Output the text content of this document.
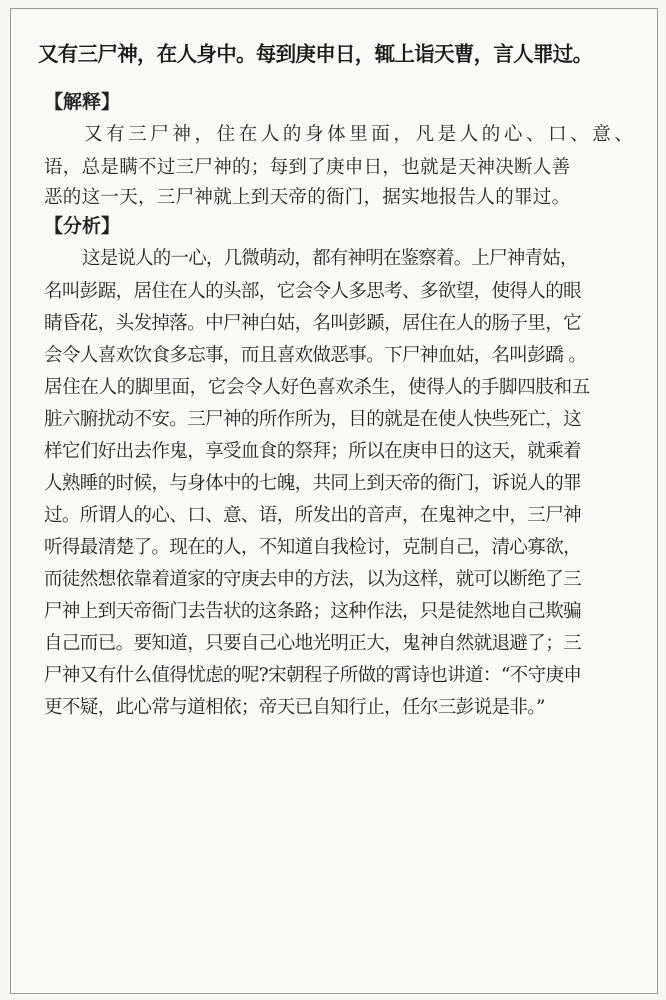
又有三尸神，在人身中。每到庚申日，辄上诣天曹，言人罪过。
【解释】
又有三尸神，住在人的身体里面，凡是人的心、口、意、
语，总是瞒不过三尸神的；每到了庚申日，也就是天神决断人善
恶的这一天，三尸神就上到天帝的衙门，据实地报告人的罪过。
【分析】
这是说人的一心，几微萌动，都有神明在鉴察着。上尸神青姑，
名叫彭踞，居住在人的头部，它会令人多思考、多欲望，使得人的眼
睛昏花，头发掉落。中尸神白姑，名叫彭踬，居住在人的肠子里，它
会令人喜欢饮食多忘事，而且喜欢做恶事。下尸神血姑，名叫彭蹻 。
居住在人的脚里面，它会令人好色喜欢杀生，使得人的手脚四肢和五
脏六腑扰动不安。三尸神的所作所为，目的就是在使人快些死亡，这
样它们好出去作鬼，享受血食的祭拜；所以在庚申日的这天，就乘着
人熟睡的时候，与身体中的七魄，共同上到天帝的衙门，诉说人的罪
过。所谓人的心、口、意、语，所发出的音声，在鬼神之中，三尸神
听得最清楚了。现在的人，不知道自我检讨，克制自己，清心寡欲，
而徒然想依靠着道家的守庚去申的方法，以为这样，就可以断绝了三
尸神上到天帝衙门去告状的这条路；这种作法，只是徒然地自己欺骗
自己而已。要知道，只要自己心地光明正大，鬼神自然就退避了；三
尸神又有什么值得忧虑的呢?宋朝程子所做的霄诗也讲道：“不守庚申
更不疑，此心常与道相依；帝天已自知行止，任尔三彭说是非。”
